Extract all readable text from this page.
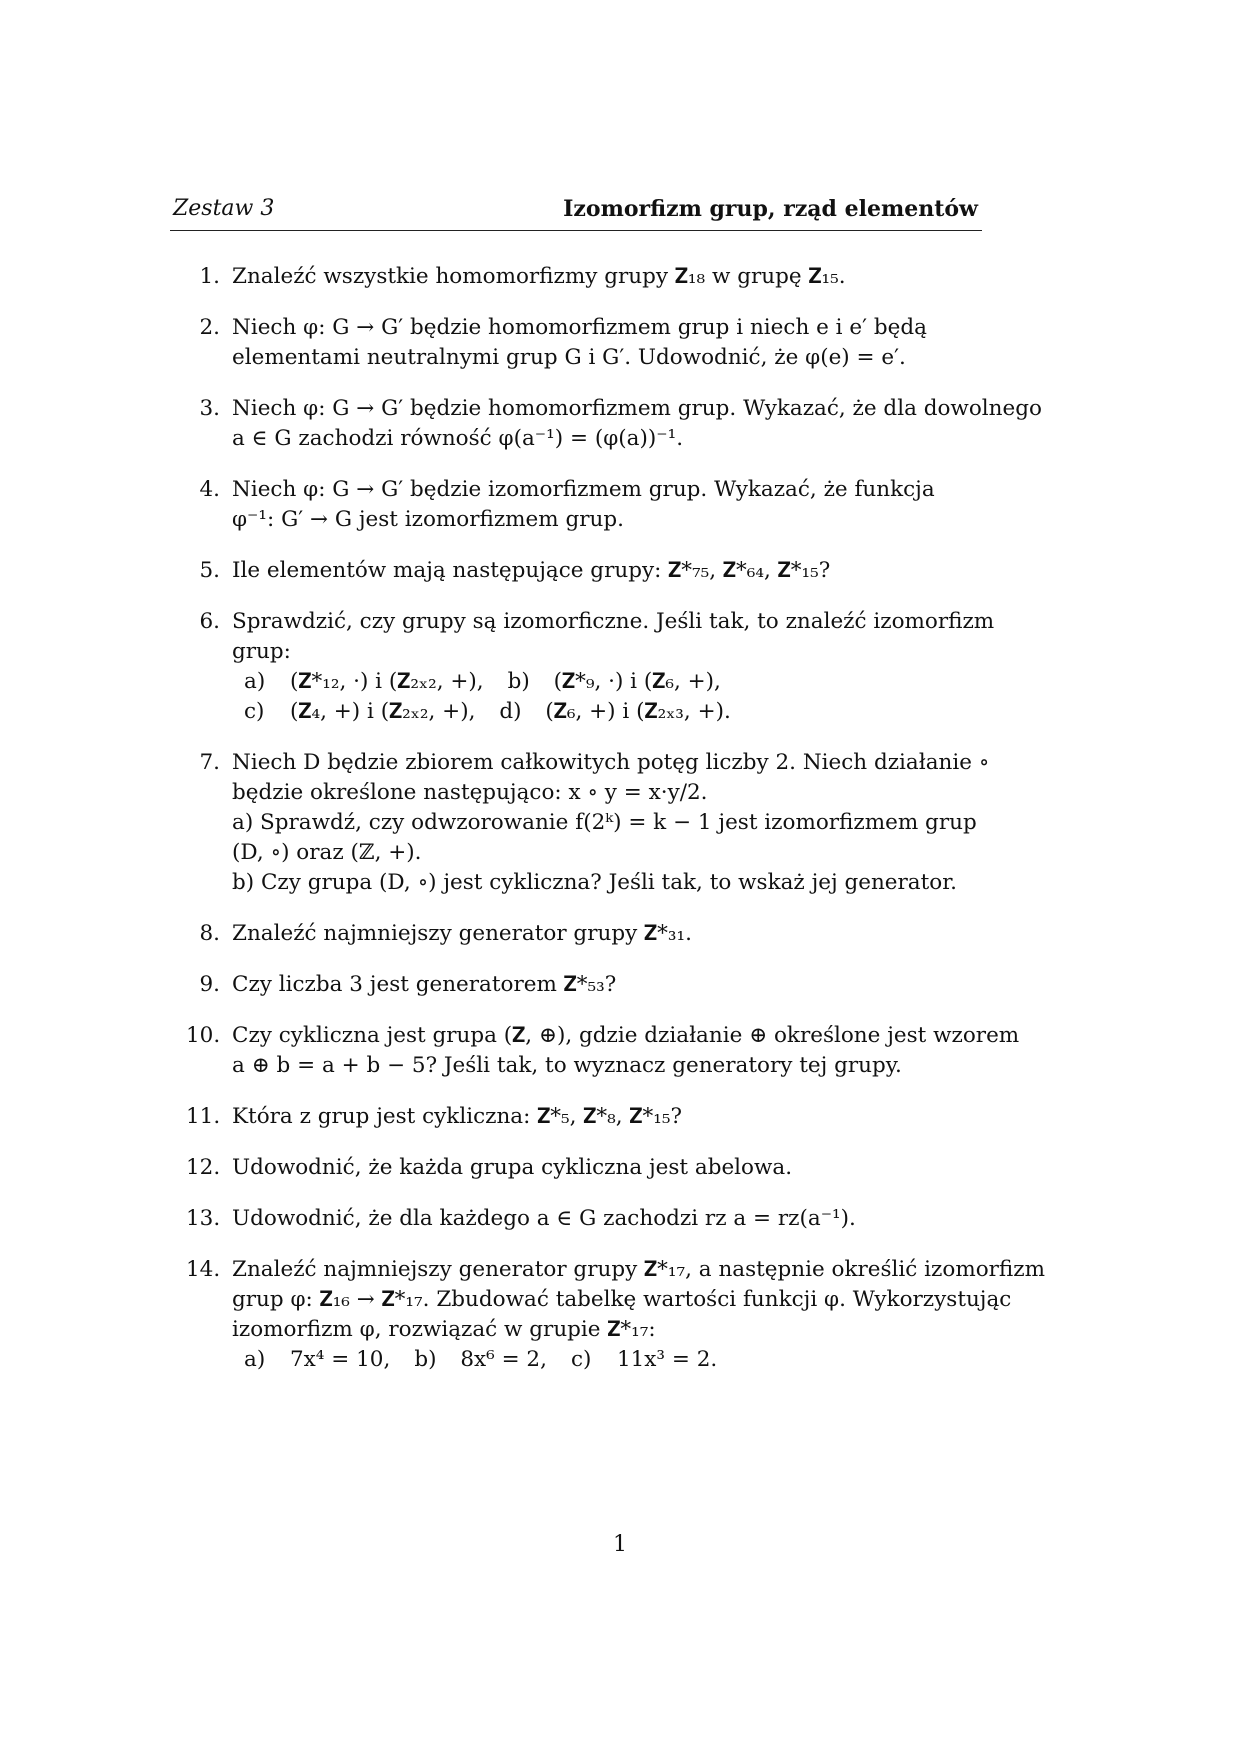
Zestaw 3	Izomorfizm grup, rząd elementów
1. Znaleźć wszystkie homomorfizmy grupy 𝐙₁₈ w grupę 𝐙₁₅.
2. Niech φ: G → G′ będzie homomorfizmem grup i niech e i e′ będą
elementami neutralnymi grup G i G′. Udowodnić, że φ(e) = e′.
3. Niech φ: G → G′ będzie homomorfizmem grup. Wykazać, że dla dowolnego
a ∈ G zachodzi równość φ(a⁻¹) = (φ(a))⁻¹.
4. Niech φ: G → G′ będzie izomorfizmem grup. Wykazać, że funkcja
φ⁻¹: G′ → G jest izomorfizmem grup.
5. Ile elementów mają następujące grupy: 𝐙*₇₅, 𝐙*₆₄, 𝐙*₁₅?
6. Sprawdzić, czy grupy są izomorficzne. Jeśli tak, to znaleźć izomorfizm
grup:
a) (𝐙*₁₂, ·) i (𝐙₂ₓ₂, +), b) (𝐙*₉, ·) i (𝐙₆, +),
c) (𝐙₄, +) i (𝐙₂ₓ₂, +), d) (𝐙₆, +) i (𝐙₂ₓ₃, +).
7. Niech D będzie zbiorem całkowitych potęg liczby 2. Niech działanie ∘
będzie określone następująco: x ∘ y = x·y/2.
a) Sprawdź, czy odwzorowanie f(2ᵏ) = k − 1 jest izomorfizmem grup
(D, ∘) oraz (ℤ, +).
b) Czy grupa (D, ∘) jest cykliczna? Jeśli tak, to wskaż jej generator.
8. Znaleźć najmniejszy generator grupy 𝐙*₃₁.
9. Czy liczba 3 jest generatorem 𝐙*₅₃?
10. Czy cykliczna jest grupa (𝐙, ⊕), gdzie działanie ⊕ określone jest wzorem
a ⊕ b = a + b − 5? Jeśli tak, to wyznacz generatory tej grupy.
11. Która z grup jest cykliczna: 𝐙*₅, 𝐙*₈, 𝐙*₁₅?
12. Udowodnić, że każda grupa cykliczna jest abelowa.
13. Udowodnić, że dla każdego a ∈ G zachodzi rz a = rz(a⁻¹).
14. Znaleźć najmniejszy generator grupy 𝐙*₁₇, a następnie określić izomorfizm
grup φ: 𝐙₁₆ → 𝐙*₁₇. Zbudować tabelkę wartości funkcji φ. Wykorzystując
izomorfizm φ, rozwiązać w grupie 𝐙*₁₇:
a) 7x⁴ = 10, b) 8x⁶ = 2, c) 11x³ = 2.
1
